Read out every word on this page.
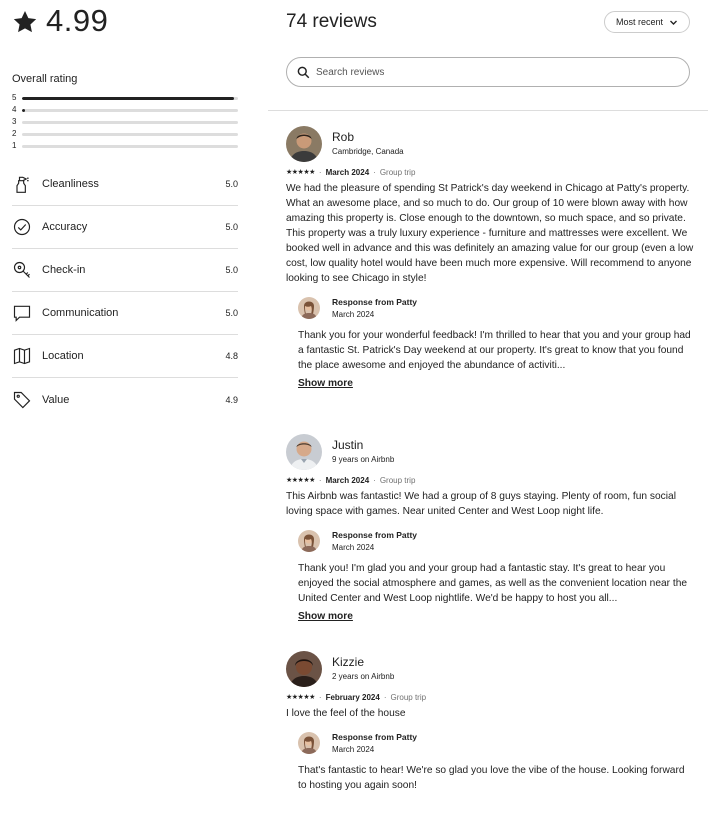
4.99
Overall rating
5
4
3
2
1
Cleanliness	5.0
Accuracy	5.0
Check-in	5.0
Communication	5.0
Location	4.8
Value	4.9
74 reviews	Most recent
Search reviews
Rob
Cambridge, Canada
★★★★★ · March 2024 · Group trip
We had the pleasure of spending St Patrick's day weekend in Chicago at Patty's property. What an awesome place, and so much to do. Our group of 10 were blown away with how amazing this property is. Close enough to the downtown, so much space, and so private.
This property was a truly luxury experience - furniture and mattresses were excellent. We booked well in advance and this was definitely an amazing value for our group (even a low cost, low quality hotel would have been much more expensive. Will recommend to anyone looking to see Chicago in style!
Response from Patty
March 2024
Thank you for your wonderful feedback! I'm thrilled to hear that you and your group had a fantastic St. Patrick's Day weekend at our property. It's great to know that you found the place awesome and enjoyed the abundance of activiti...
Show more
Justin
9 years on Airbnb
★★★★★ · March 2024 · Group trip
This Airbnb was fantastic! We had a group of 8 guys staying. Plenty of room, fun social loving space with games. Near united Center and West Loop night life.
Response from Patty
March 2024
Thank you! I'm glad you and your group had a fantastic stay. It's great to hear you enjoyed the social atmosphere and games, as well as the convenient location near the United Center and West Loop nightlife. We'd be happy to host you all...
Show more
Kizzie
2 years on Airbnb
★★★★★ · February 2024 · Group trip
I love the feel of the house
Response from Patty
March 2024
That's fantastic to hear! We're so glad you love the vibe of the house. Looking forward to hosting you again soon!
